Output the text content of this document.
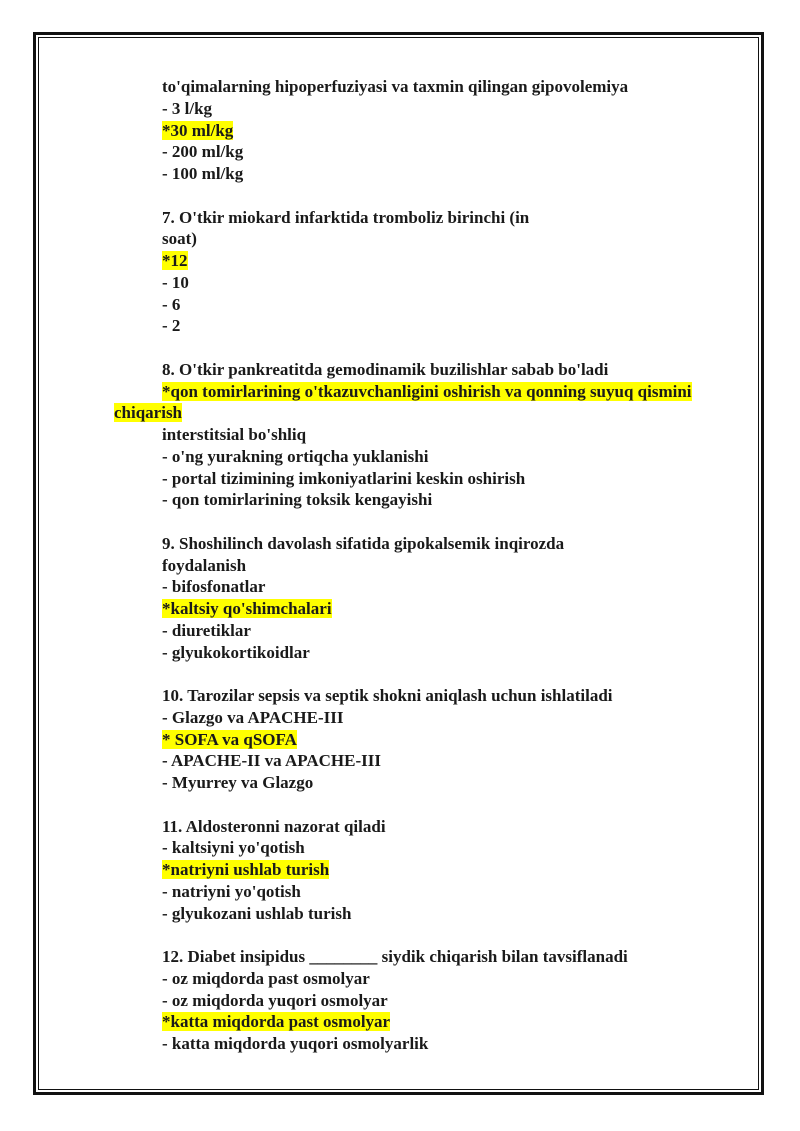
to'qimalarning hipoperfuziyasi va taxmin qilingan gipovolemiya
- 3 l/kg
*30 ml/kg
- 200 ml/kg
- 100 ml/kg
7. O'tkir miokard infarktida tromboliz birinchi (in
soat)
*12
- 10
- 6
- 2
8. O'tkir pankreatitda gemodinamik buzilishlar sabab bo'ladi
*qon tomirlarining o'tkazuvchanligini oshirish va qonning suyuq qismini
chiqarish
interstitsial bo'shliq
- o'ng yurakning ortiqcha yuklanishi
- portal tizimining imkoniyatlarini keskin oshirish
- qon tomirlarining toksik kengayishi
9. Shoshilinch davolash sifatida gipokalsemik inqirozda
foydalanish
- bifosfonatlar
*kaltsiy qo'shimchalari
- diuretiklar
- glyukokortikoidlar
10. Tarozilar sepsis va septik shokni aniqlash uchun ishlatiladi
- Glazgo va APACHE-III
* SOFA va qSOFA
- APACHE-II va APACHE-III
- Myurrey va Glazgo
11. Aldosteronni nazorat qiladi
- kaltsiyni yo'qotish
*natriyni ushlab turish
- natriyni yo'qotish
- glyukozani ushlab turish
12. Diabet insipidus ________ siydik chiqarish bilan tavsiflanadi
- oz miqdorda past osmolyar
- oz miqdorda yuqori osmolyar
*katta miqdorda past osmolyar
- katta miqdorda yuqori osmolyarlik
